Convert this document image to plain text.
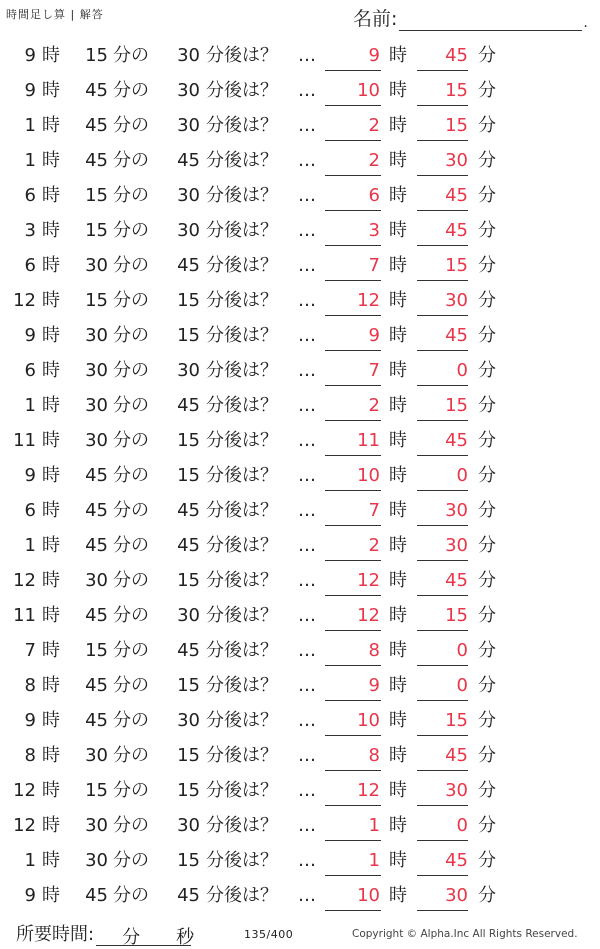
時間足し算 | 解答	名前:	.
9 時	15 分の	30 分後は？ …	9 時	45 分
9 時	45 分の	30 分後は？ …	10 時	15 分
1 時	45 分の	30 分後は？ …	2 時	15 分
1 時	45 分の	45 分後は？ …	2 時	30 分
6 時	15 分の	30 分後は？ …	6 時	45 分
3 時	15 分の	30 分後は？ …	3 時	45 分
6 時	30 分の	45 分後は？ …	7 時	15 分
12 時	15 分の	15 分後は？ …	12 時	30 分
9 時	30 分の	15 分後は？ …	9 時	45 分
6 時	30 分の	30 分後は？ …	7 時	0 分
1 時	30 分の	45 分後は？ …	2 時	15 分
11 時	30 分の	15 分後は？ …	11 時	45 分
9 時	45 分の	15 分後は？ …	10 時	0 分
6 時	45 分の	45 分後は？ …	7 時	30 分
1 時	45 分の	45 分後は？ …	2 時	30 分
12 時	30 分の	15 分後は？ …	12 時	45 分
11 時	45 分の	30 分後は？ …	12 時	15 分
7 時	15 分の	45 分後は？ …	8 時	0 分
8 時	45 分の	15 分後は？ …	9 時	0 分
9 時	45 分の	30 分後は？ …	10 時	15 分
8 時	30 分の	15 分後は？ …	8 時	45 分
12 時	15 分の	15 分後は？ …	12 時	30 分
12 時	30 分の	30 分後は？ …	1 時	0 分
1 時	30 分の	15 分後は？ …	1 時	45 分
9 時	45 分の	45 分後は？ …	10 時	30 分
所要時間: 分 秒	135/400	Copyright © Alpha.Inc All Rights Reserved.
